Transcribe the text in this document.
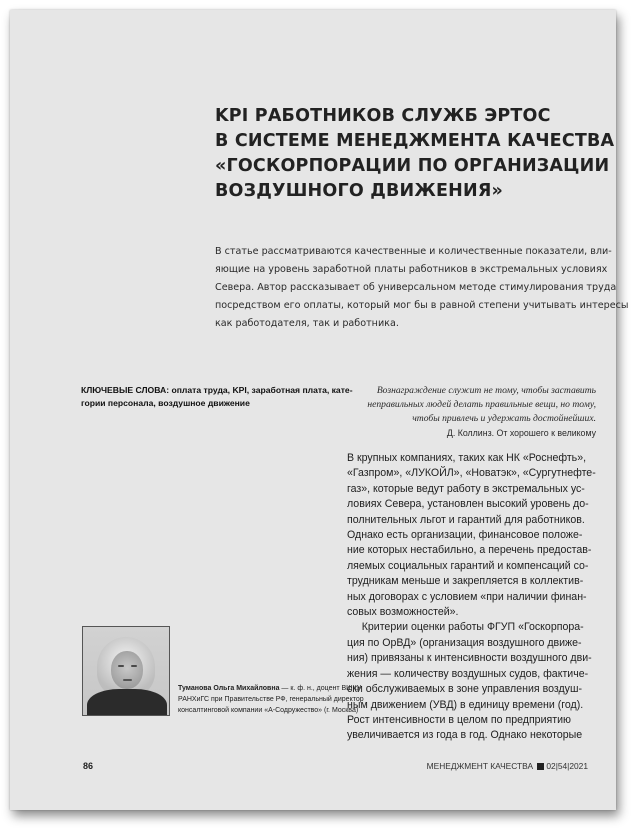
KPI РАБОТНИКОВ СЛУЖБ ЭРТОС
В СИСТЕМЕ МЕНЕДЖМЕНТА КАЧЕСТВА
«ГОСКОРПОРАЦИИ ПО ОРГАНИЗАЦИИ
ВОЗДУШНОГО ДВИЖЕНИЯ»
В статье рассматриваются качественные и количественные показатели, вли-
яющие на уровень заработной платы работников в экстремальных условиях
Севера. Автор рассказывает об универсальном методе стимулирования труда
посредством его оплаты, который мог бы в равной степени учитывать интересы
как работодателя, так и работника.
КЛЮЧЕВЫЕ СЛОВА: оплата труда, KPI, заработная плата, кате-
гории персонала, воздушное движение
Вознаграждение служит не тому, чтобы заставить
неправильных людей делать правильные вещи, но тому,
чтобы привлечь и удержать достойнейших.
Д. Коллинз. От хорошего к великому
В крупных компаниях, таких как НК «Роснефть»,
«Газпром», «ЛУКОЙЛ», «Новатэк», «Сургутнефте-
газ», которые ведут работу в экстремальных ус-
ловиях Севера, установлен высокий уровень до-
полнительных льгот и гарантий для работников.
Однако есть организации, финансовое положе-
ние которых нестабильно, а перечень предостав-
ляемых социальных гарантий и компенсаций со-
трудникам меньше и закрепляется в коллектив-
ных договорах с условием «при наличии финан-
совых возможностей».
Критерии оценки работы ФГУП «Госкорпора-
ция по ОрВД» (организация воздушного движе-
ния) привязаны к интенсивности воздушного дви-
жения — количеству воздушных судов, фактиче-
ски обслуживаемых в зоне управления воздуш-
ным движением (УВД) в единицу времени (год).
Рост интенсивности в целом по предприятию
увеличивается из года в год. Однако некоторые
Туманова Ольга Михайловна — к. ф. н., доцент ВШКУ
РАНХиГС при Правительстве РФ, генеральный директор
консалтинговой компании «А-Содружество» (г. Москва)
86	МЕНЕДЖМЕНТ КАЧЕСТВА 02|54|2021
